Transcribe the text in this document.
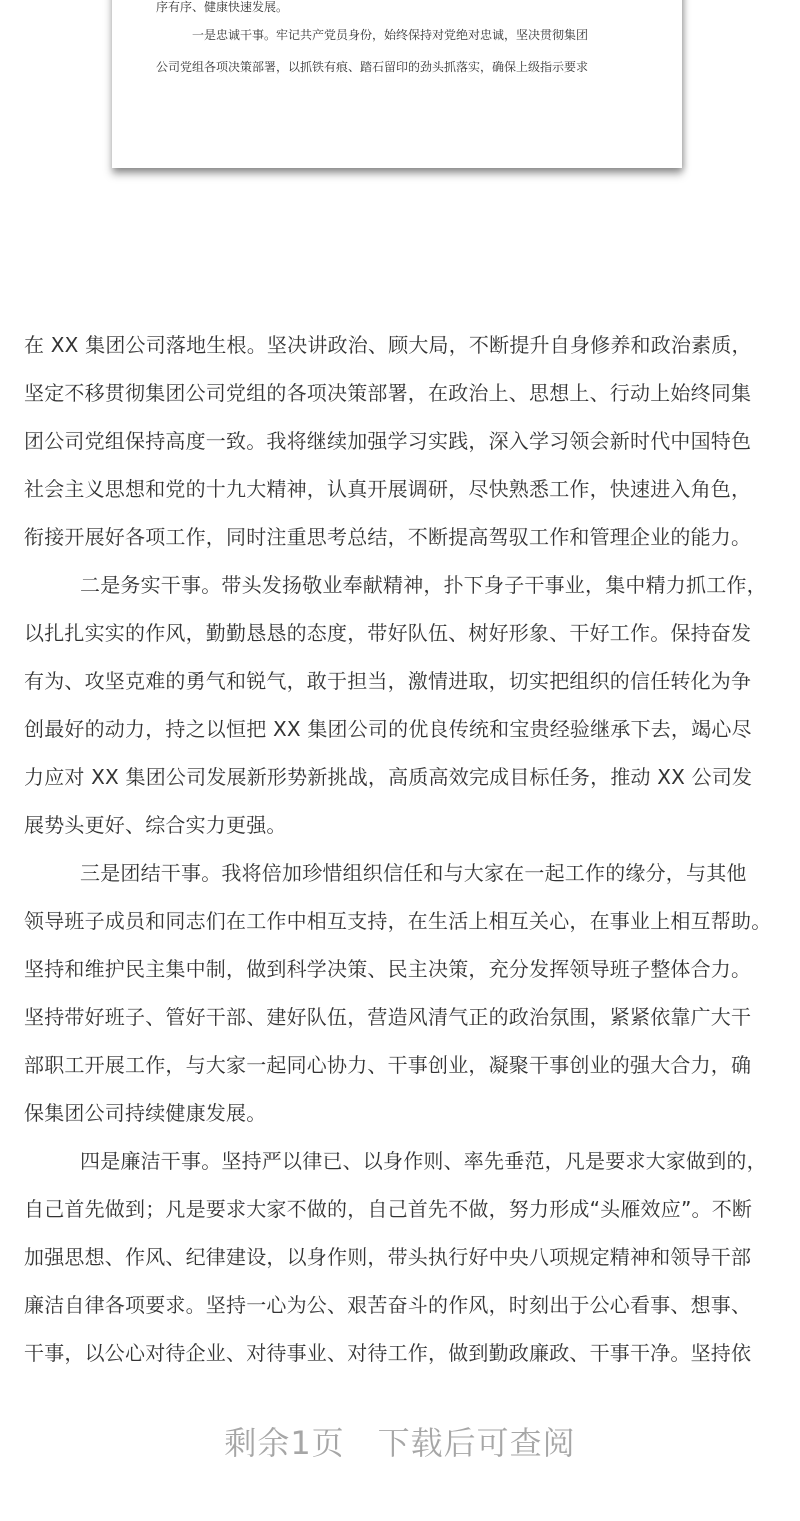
序有序、健康快速发展。
一是忠诚干事。牢记共产党员身份，始终保持对党绝对忠诚，坚决贯彻集团
公司党组各项决策部署，以抓铁有痕、踏石留印的劲头抓落实，确保上级指示要求
在 XX 集团公司落地生根。坚决讲政治、顾大局，不断提升自身修养和政治素质，
坚定不移贯彻集团公司党组的各项决策部署，在政治上、思想上、行动上始终同集
团公司党组保持高度一致。我将继续加强学习实践，深入学习领会新时代中国特色
社会主义思想和党的十九大精神，认真开展调研，尽快熟悉工作，快速进入角色，
衔接开展好各项工作，同时注重思考总结，不断提高驾驭工作和管理企业的能力。
二是务实干事。带头发扬敬业奉献精神，扑下身子干事业，集中精力抓工作，
以扎扎实实的作风，勤勤恳恳的态度，带好队伍、树好形象、干好工作。保持奋发
有为、攻坚克难的勇气和锐气，敢于担当，激情进取，切实把组织的信任转化为争
创最好的动力，持之以恒把 XX 集团公司的优良传统和宝贵经验继承下去，竭心尽
力应对 XX 集团公司发展新形势新挑战，高质高效完成目标任务，推动 XX 公司发
展势头更好、综合实力更强。
三是团结干事。我将倍加珍惜组织信任和与大家在一起工作的缘分，与其他
领导班子成员和同志们在工作中相互支持，在生活上相互关心，在事业上相互帮助。
坚持和维护民主集中制，做到科学决策、民主决策，充分发挥领导班子整体合力。
坚持带好班子、管好干部、建好队伍，营造风清气正的政治氛围，紧紧依靠广大干
部职工开展工作，与大家一起同心协力、干事创业，凝聚干事创业的强大合力，确
保集团公司持续健康发展。
四是廉洁干事。坚持严以律已、以身作则、率先垂范，凡是要求大家做到的，
自己首先做到；凡是要求大家不做的，自己首先不做，努力形成“头雁效应”。不断
加强思想、作风、纪律建设，以身作则，带头执行好中央八项规定精神和领导干部
廉洁自律各项要求。坚持一心为公、艰苦奋斗的作风，时刻出于公心看事、想事、
干事，以公心对待企业、对待事业、对待工作，做到勤政廉政、干事干净。坚持依
剩余1页　下载后可查阅
